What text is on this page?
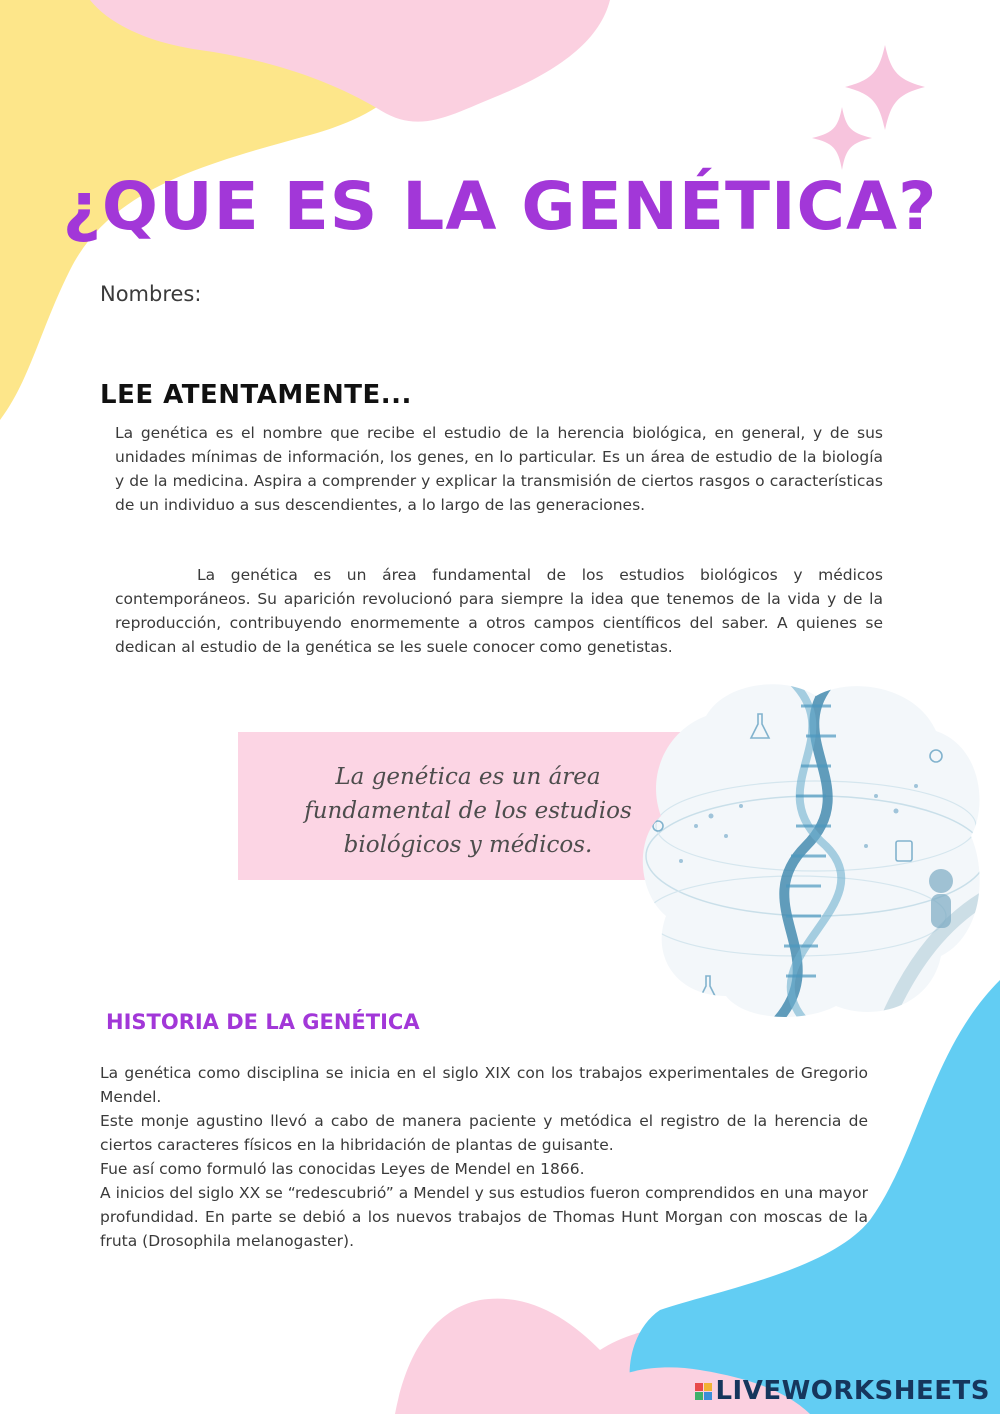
¿QUE ES LA GENÉTICA?
Nombres:
LEE ATENTAMENTE...

La genética es el nombre que recibe el estudio de la herencia biológica, en general, y de sus unidades mínimas de información, los genes, en lo particular. Es un área de estudio de la biología y de la medicina. Aspira a comprender y explicar la transmisión de ciertos rasgos o características de un individuo a sus descendientes, a lo largo de las generaciones.

La genética es un área fundamental de los estudios biológicos y médicos contemporáneos. Su aparición revolucionó para siempre la idea que tenemos de la vida y de la reproducción, contribuyendo enormemente a otros campos científicos del saber. A quienes se dedican al estudio de la genética se les suele conocer como genetistas.

La genética es un área fundamental de los estudios biológicos y médicos.
HISTORIA DE LA GENÉTICA

La genética como disciplina se inicia en el siglo XIX con los trabajos experimentales de Gregorio Mendel.

Este monje agustino llevó a cabo de manera paciente y metódica el registro de la herencia de ciertos caracteres físicos en la hibridación de plantas de guisante.

Fue así como formuló las conocidas Leyes de Mendel en 1866.

A inicios del siglo XX se “redescubrió” a Mendel y sus estudios fueron comprendidos en una mayor profundidad. En parte se debió a los nuevos trabajos de Thomas Hunt Morgan con moscas de la fruta (Drosophila melanogaster).

LIVEWORKSHEETS
